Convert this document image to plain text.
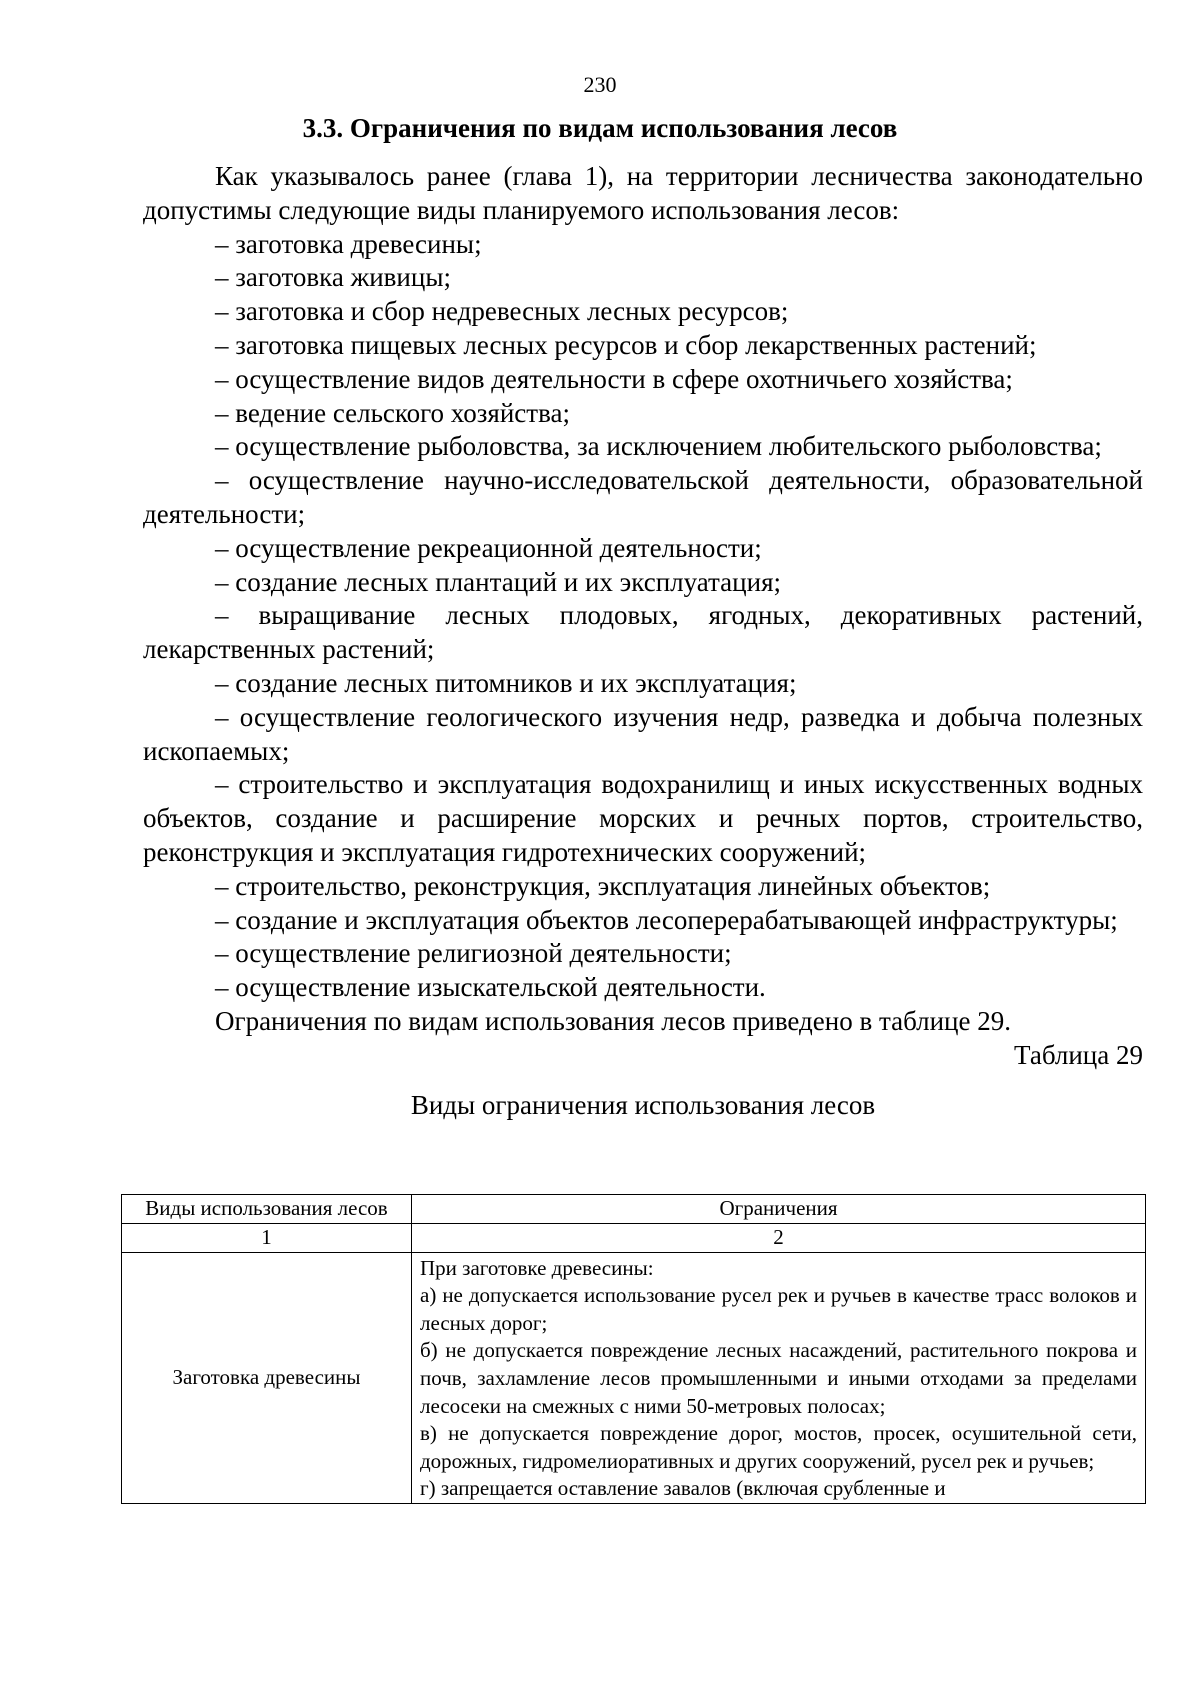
230
3.3. Ограничения по видам использования лесов

Как указывалось ранее (глава 1), на территории лесничества законодательно допустимы следующие виды планируемого использования лесов:

– заготовка древесины;

– заготовка живицы;

– заготовка и сбор недревесных лесных ресурсов;

– заготовка пищевых лесных ресурсов и сбор лекарственных растений;

– осуществление видов деятельности в сфере охотничьего хозяйства;

– ведение сельского хозяйства;

– осуществление рыболовства, за исключением любительского рыболовства;

– осуществление научно-исследовательской деятельности, образовательной деятельности;

– осуществление рекреационной деятельности;

– создание лесных плантаций и их эксплуатация;

– выращивание лесных плодовых, ягодных, декоративных растений, лекарственных растений;

– создание лесных питомников и их эксплуатация;

– осуществление геологического изучения недр, разведка и добыча полезных ископаемых;

– строительство и эксплуатация водохранилищ и иных искусственных водных объектов, создание и расширение морских и речных портов, строительство, реконструкция и эксплуатация гидротехнических сооружений;

– строительство, реконструкция, эксплуатация линейных объектов;

– создание и эксплуатация объектов лесоперерабатывающей инфраструктуры;

– осуществление религиозной деятельности;

– осуществление изыскательской деятельности.

Ограничения по видам использования лесов приведено в таблице 29.

Таблица 29

Виды ограничения использования лесов

Виды использования лесов	Ограничения
1	2
Заготовка древесины	При заготовке древесины:

а) не допускается использование русел рек и ручьев в качестве трасс волоков и лесных дорог;

б) не допускается повреждение лесных насаждений, растительного покрова и почв, захламление лесов промышленными и иными отходами за пределами лесосеки на смежных с ними 50-метровых полосах;

в) не допускается повреждение дорог, мостов, просек, осушительной сети, дорожных, гидромелиоративных и других сооружений, русел рек и ручьев;

г) запрещается оставление завалов (включая срубленные и
